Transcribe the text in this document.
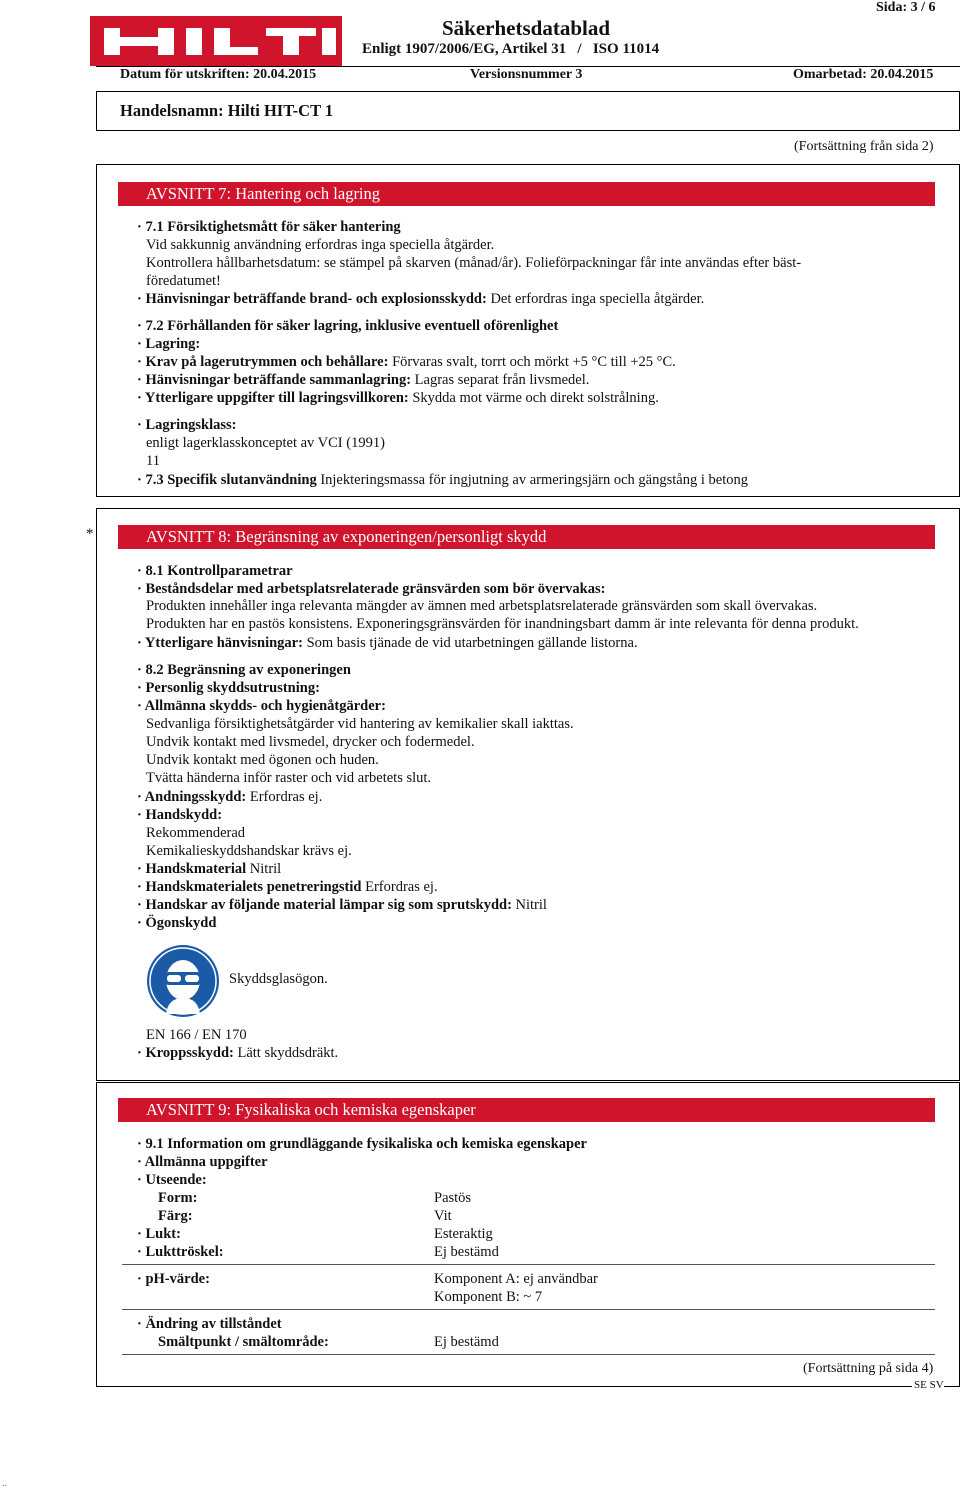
Sida: 3 / 6
Säkerhetsdatablad
Enligt 1907/2006/EG, Artikel 31   /   ISO 11014
Datum för utskriften: 20.04.2015	Versionsnummer 3	Omarbetad: 20.04.2015
Handelsnamn: Hilti HIT-CT 1
(Fortsättning från sida 2)
AVSNITT 7: Hantering och lagring
· 7.1 Försiktighetsmått för säker hantering
Vid sakkunnig användning erfordras inga speciella åtgärder.
Kontrollera hållbarhetsdatum: se stämpel på skarven (månad/år). Folieförpackningar får inte användas efter bäst-
föredatumet!
· Hänvisningar beträffande brand- och explosionsskydd: Det erfordras inga speciella åtgärder.
· 7.2 Förhållanden för säker lagring, inklusive eventuell oförenlighet
· Lagring:
· Krav på lagerutrymmen och behållare: Förvaras svalt, torrt och mörkt +5 °C till +25 °C.
· Hänvisningar beträffande sammanlagring: Lagras separat från livsmedel.
· Ytterligare uppgifter till lagringsvillkoren: Skydda mot värme och direkt solstrålning.
· Lagringsklass:
enligt lagerklasskonceptet av VCI (1991)
11
· 7.3 Specifik slutanvändning Injekteringsmassa för ingjutning av armeringsjärn och gängstång i betong
*	AVSNITT 8: Begränsning av exponeringen/personligt skydd
· 8.1 Kontrollparametrar
· Beståndsdelar med arbetsplatsrelaterade gränsvärden som bör övervakas:
Produkten innehåller inga relevanta mängder av ämnen med arbetsplatsrelaterade gränsvärden som skall övervakas.
Produkten har en pastös konsistens. Exponeringsgränsvärden för inandningsbart damm är inte relevanta för denna produkt.
· Ytterligare hänvisningar: Som basis tjänade de vid utarbetningen gällande listorna.
· 8.2 Begränsning av exponeringen
· Personlig skyddsutrustning:
· Allmänna skydds- och hygienåtgärder:
Sedvanliga försiktighetsåtgärder vid hantering av kemikalier skall iakttas.
Undvik kontakt med livsmedel, drycker och fodermedel.
Undvik kontakt med ögonen och huden.
Tvätta händerna inför raster och vid arbetets slut.
· Andningsskydd: Erfordras ej.
· Handskydd:
Rekommenderad
Kemikalieskyddshandskar krävs ej.
· Handskmaterial Nitril
· Handskmaterialets penetreringstid Erfordras ej.
· Handskar av följande material lämpar sig som sprutskydd: Nitril
· Ögonskydd
Skyddsglasögon.
EN 166 / EN 170
· Kroppsskydd: Lätt skyddsdräkt.
AVSNITT 9: Fysikaliska och kemiska egenskaper
· 9.1 Information om grundläggande fysikaliska och kemiska egenskaper
· Allmänna uppgifter
· Utseende:
Form:	Pastös
Färg:	Vit
· Lukt:	Esteraktig
· Lukttröskel:	Ej bestämd
· pH-värde:	Komponent A: ej användbar
Komponent B: ~ 7
· Ändring av tillståndet
Smältpunkt / smältområde:	Ej bestämd
(Fortsättning på sida 4)
SE SV
..
